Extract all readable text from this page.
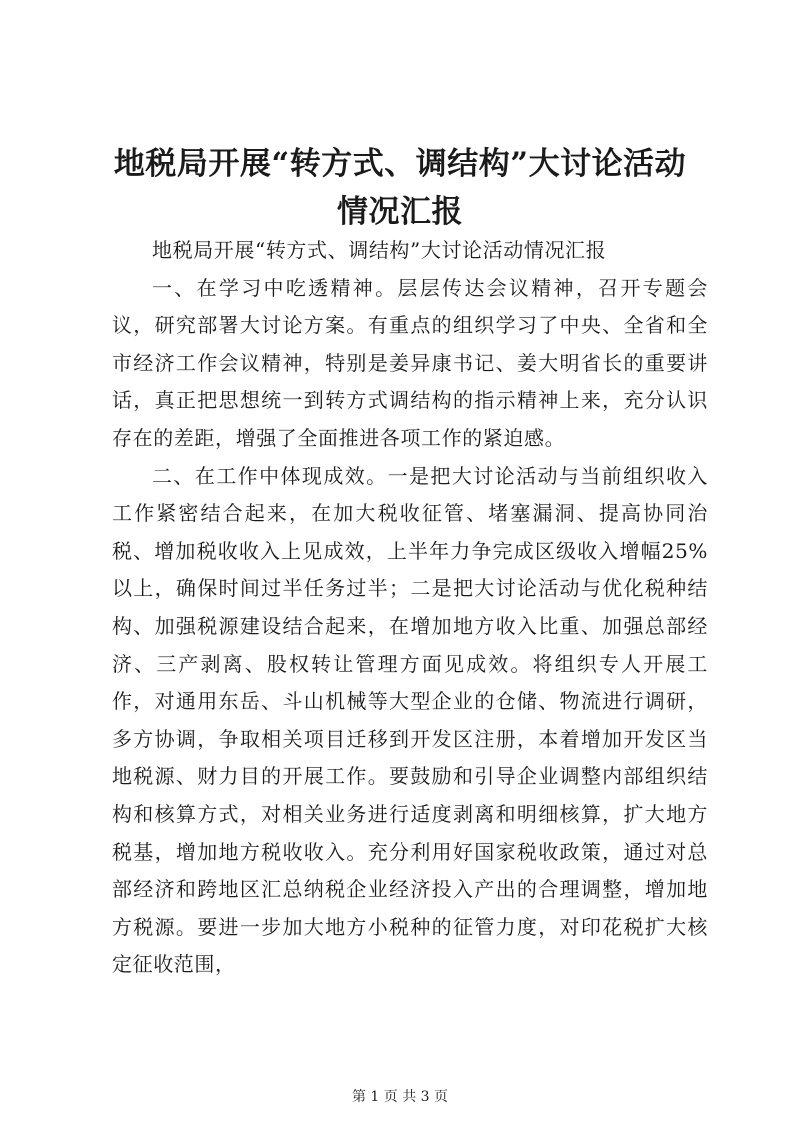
地税局开展“转方式、调结构”大讨论活动情况汇报

地税局开展“转方式、调结构”大讨论活动情况汇报

一、在学习中吃透精神。层层传达会议精神，召开专题会议，研究部署大讨论方案。有重点的组织学习了中央、全省和全市经济工作会议精神，特别是姜异康书记、姜大明省长的重要讲话，真正把思想统一到转方式调结构的指示精神上来，充分认识存在的差距，增强了全面推进各项工作的紧迫感。

二、在工作中体现成效。一是把大讨论活动与当前组织收入工作紧密结合起来，在加大税收征管、堵塞漏洞、提高协同治税、增加税收收入上见成效，上半年力争完成区级收入增幅25%以上，确保时间过半任务过半；二是把大讨论活动与优化税种结构、加强税源建设结合起来，在增加地方收入比重、加强总部经济、三产剥离、股权转让管理方面见成效。将组织专人开展工作，对通用东岳、斗山机械等大型企业的仓储、物流进行调研，多方协调，争取相关项目迁移到开发区注册，本着增加开发区当地税源、财力目的开展工作。要鼓励和引导企业调整内部组织结构和核算方式，对相关业务进行适度剥离和明细核算，扩大地方税基，增加地方税收收入。充分利用好国家税收政策，通过对总部经济和跨地区汇总纳税企业经济投入产出的合理调整，增加地方税源。要进一步加大地方小税种的征管力度，对印花税扩大核定征收范围，

第 1 页 共 3 页
